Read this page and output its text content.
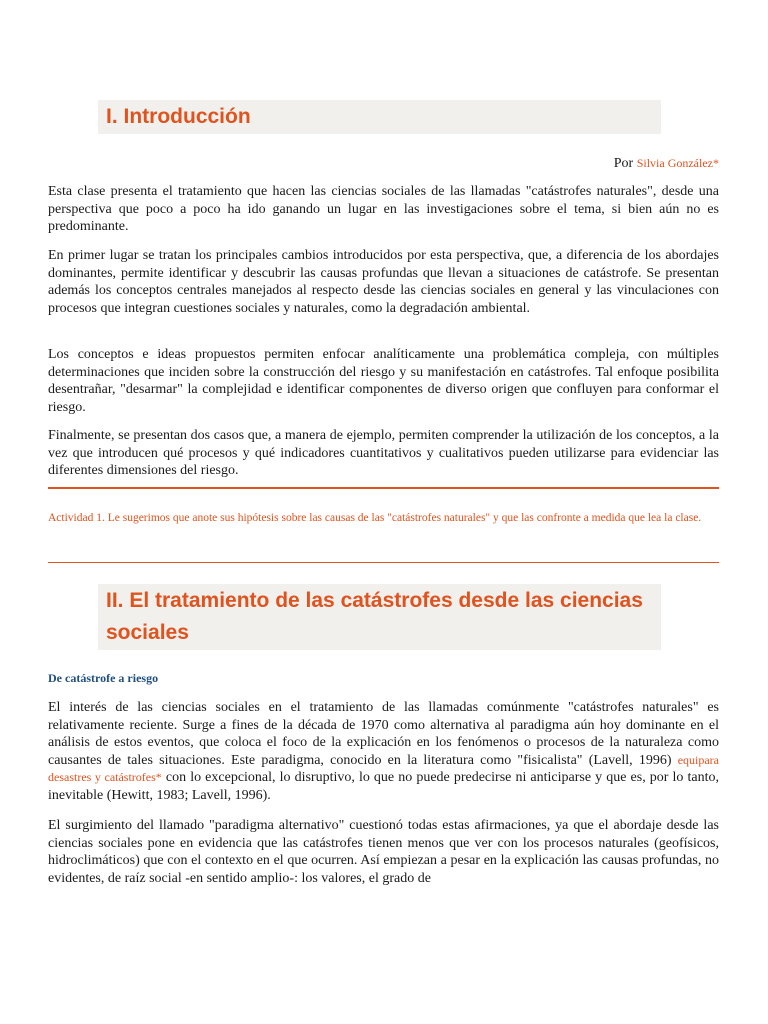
I. Introducción
Por Silvia González*

Esta clase presenta el tratamiento que hacen las ciencias sociales de las llamadas "catástrofes naturales", desde una perspectiva que poco a poco ha ido ganando un lugar en las investigaciones sobre el tema, si bien aún no es predominante.

En primer lugar se tratan los principales cambios introducidos por esta perspectiva, que, a diferencia de los abordajes dominantes, permite identificar y descubrir las causas profundas que llevan a situaciones de catástrofe. Se presentan además los conceptos centrales manejados al respecto desde las ciencias sociales en general y las vinculaciones con procesos que integran cuestiones sociales y naturales, como la degradación ambiental.

Los conceptos e ideas propuestos permiten enfocar analíticamente una problemática compleja, con múltiples determinaciones que inciden sobre la construcción del riesgo y su manifestación en catástrofes. Tal enfoque posibilita desentrañar, "desarmar" la complejidad e identificar componentes de diverso origen que confluyen para conformar el riesgo.

Finalmente, se presentan dos casos que, a manera de ejemplo, permiten comprender la utilización de los conceptos, a la vez que introducen qué procesos y qué indicadores cuantitativos y cualitativos pueden utilizarse para evidenciar las diferentes dimensiones del riesgo.

Actividad 1. Le sugerimos que anote sus hipótesis sobre las causas de las "catástrofes naturales" y que las confronte a medida que lea la clase.

II. El tratamiento de las catástrofes desde las ciencias sociales
De catástrofe a riesgo

El interés de las ciencias sociales en el tratamiento de las llamadas comúnmente "catástrofes naturales" es relativamente reciente. Surge a fines de la década de 1970 como alternativa al paradigma aún hoy dominante en el análisis de estos eventos, que coloca el foco de la explicación en los fenómenos o procesos de la naturaleza como causantes de tales situaciones. Este paradigma, conocido en la literatura como "fisicalista" (Lavell, 1996) equipara desastres y catástrofes* con lo excepcional, lo disruptivo, lo que no puede predecirse ni anticiparse y que es, por lo tanto, inevitable (Hewitt, 1983; Lavell, 1996).

El surgimiento del llamado "paradigma alternativo" cuestionó todas estas afirmaciones, ya que el abordaje desde las ciencias sociales pone en evidencia que las catástrofes tienen menos que ver con los procesos naturales (geofísicos, hidroclimáticos) que con el contexto en el que ocurren. Así empiezan a pesar en la explicación las causas profundas, no evidentes, de raíz social -en sentido amplio-: los valores, el grado de
